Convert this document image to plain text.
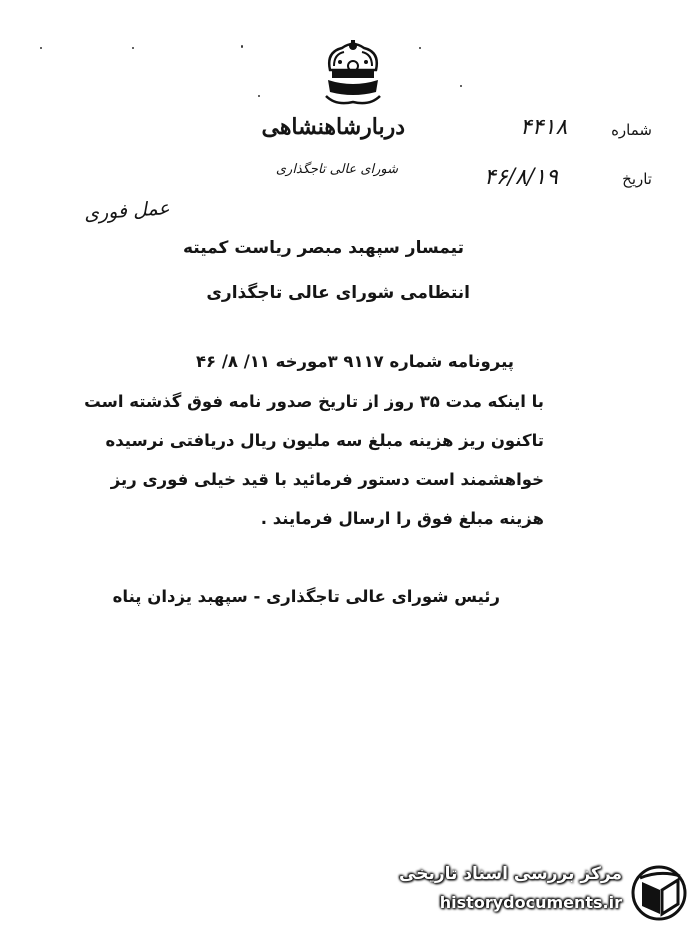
دربارشاهنشاهی
شورای عالی تاجگذاری
شماره
۴۴۱۸
تاریخ
۴۶/۸/۱۹
عمل فوری
تیمسار سپهبد مبصر ریاست کمیته
انتظامی شورای عالی تاجگذاری
پیرونامه شماره ۹۱۱۷ ۳مورخه ۱۱/ ۸/ ۴۶
با اینکه مدت ۳۵ روز از تاریخ صدور نامه فوق گذشته است
تاکنون ریز هزینه مبلغ سه ملیون ریال دریافتی نرسیده
خواهشمند است دستور فرمائید با قید خیلی فوری ریز
هزینه مبلغ فوق را ارسال فرمایند .
رئیس شورای عالی تاجگذاری - سپهبد یزدان پناه
مرکز بررسی اسناد تاریخی
historydocuments.ir
